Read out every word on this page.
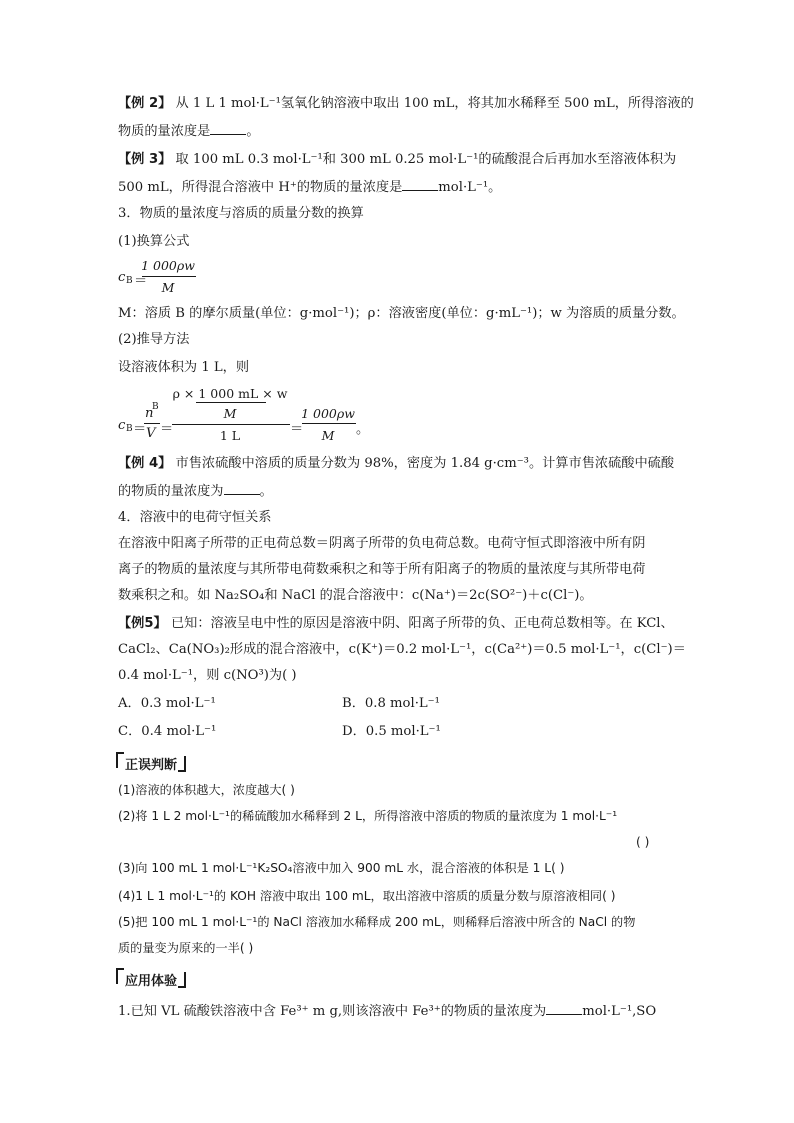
【例 2】 从 1 L 1 mol·L⁻¹氢氧化钠溶液中取出 100 mL，将其加水稀释至 500 mL，所得溶液的
物质的量浓度是	。
【例 3】 取 100 mL 0.3 mol·L⁻¹和 300 mL 0.25 mol·L⁻¹的硫酸混合后再加水至溶液体积为
500 mL，所得混合溶液中 H⁺的物质的量浓度是	mol·L⁻¹。
3．物质的量浓度与溶质的质量分数的换算
(1)换算公式
c B ＝
1 000ρw
M
M：溶质 B 的摩尔质量(单位：g·mol⁻¹)；ρ：溶液密度(单位：g·mL⁻¹)；w 为溶质的质量分数。
(2)推导方法
设溶液体积为 1 L，则
c B ＝
n
B
V ＝
ρ × 1 000 mL × w
M
1 L	＝
1 000ρw
M	。
【例 4】 市售浓硫酸中溶质的质量分数为 98%，密度为 1.84 g·cm⁻³。计算市售浓硫酸中硫酸
的物质的量浓度为	。
4．溶液中的电荷守恒关系
在溶液中阳离子所带的正电荷总数＝阴离子所带的负电荷总数。电荷守恒式即溶液中所有阴
离子的物质的量浓度与其所带电荷数乘积之和等于所有阳离子的物质的量浓度与其所带电荷
数乘积之和。如 Na₂SO₄和 NaCl 的混合溶液中：c(Na⁺)＝2c(SO²⁻)＋c(Cl⁻)。
【例5】 已知：溶液呈电中性的原因是溶液中阴、阳离子所带的负、正电荷总数相等。在 KCl、
CaCl₂、Ca(NO₃)₂形成的混合溶液中，c(K⁺)＝0.2 mol·L⁻¹，c(Ca²⁺)＝0.5 mol·L⁻¹，c(Cl⁻)＝
0.4 mol·L⁻¹，则 c(NO³)为( )
A．0.3 mol·L⁻¹	B．0.8 mol·L⁻¹
C．0.4 mol·L⁻¹	D．0.5 mol·L⁻¹
正误判断
(1)溶液的体积越大，浓度越大( )
(2)将 1 L 2 mol·L⁻¹的稀硫酸加水稀释到 2 L，所得溶液中溶质的物质的量浓度为 1 mol·L⁻¹
( )
(3)向 100 mL 1 mol·L⁻¹K₂SO₄溶液中加入 900 mL 水，混合溶液的体积是 1 L( )
(4)1 L 1 mol·L⁻¹的 KOH 溶液中取出 100 mL，取出溶液中溶质的质量分数与原溶液相同( )
(5)把 100 mL 1 mol·L⁻¹的 NaCl 溶液加水稀释成 200 mL，则稀释后溶液中所含的 NaCl 的物
质的量变为原来的一半( )
应用体验
1.已知 VL 硫酸铁溶液中含 Fe³⁺ m g,则该溶液中 Fe³⁺的物质的量浓度为	mol·L⁻¹,SO
